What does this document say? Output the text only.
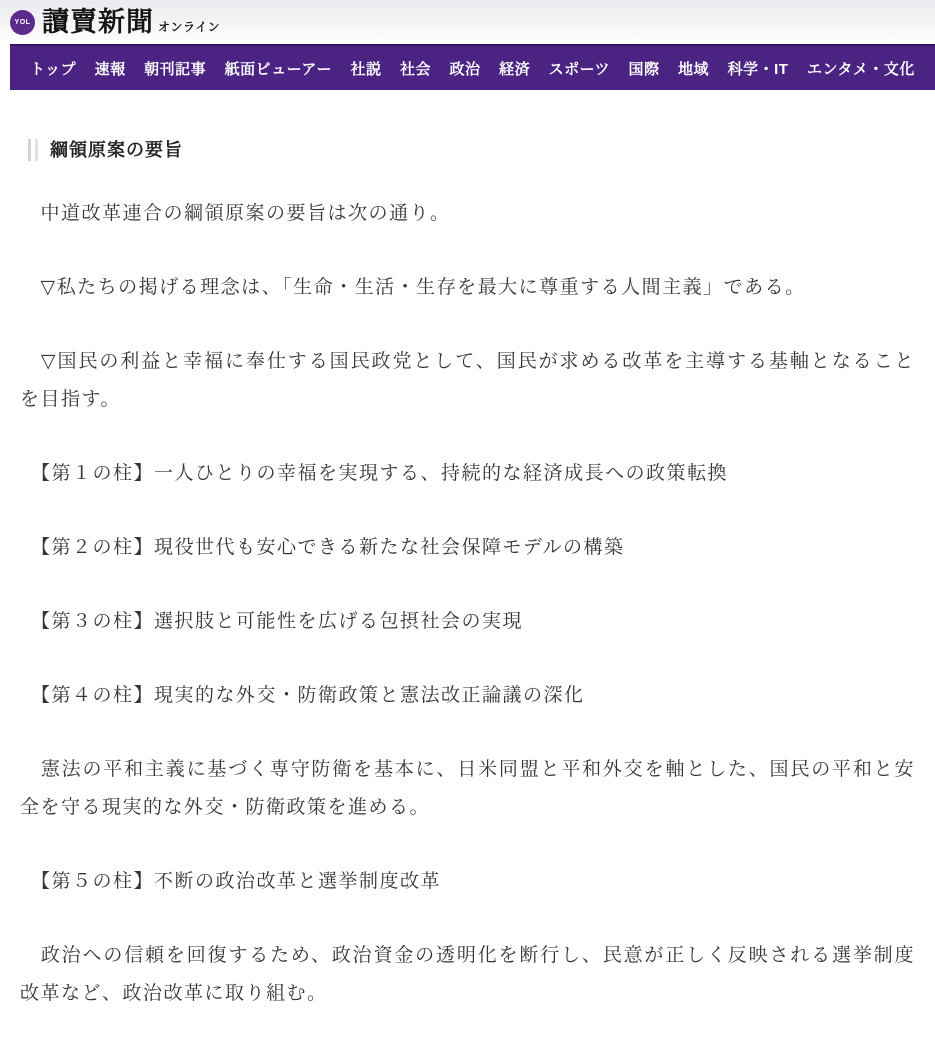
YOL 讀賣新聞 オンライン
トップ 速報 朝刊記事 紙面ビューアー 社説 社会 政治 経済 スポーツ 国際 地域 科学・IT エンタメ・文化
綱領原案の要旨

　中道改革連合の綱領原案の要旨は次の通り。

　▽私たちの掲げる理念は、「生命・生活・生存を最大に尊重する人間主義」である。

　▽国民の利益と幸福に奉仕する国民政党として、国民が求める改革を主導する基軸となることを目指す。

　【第１の柱】一人ひとりの幸福を実現する、持続的な経済成長への政策転換

　【第２の柱】現役世代も安心できる新たな社会保障モデルの構築

　【第３の柱】選択肢と可能性を広げる包摂社会の実現

　【第４の柱】現実的な外交・防衛政策と憲法改正論議の深化

　憲法の平和主義に基づく専守防衛を基本に、日米同盟と平和外交を軸とした、国民の平和と安全を守る現実的な外交・防衛政策を進める。

　【第５の柱】不断の政治改革と選挙制度改革

　政治への信頼を回復するため、政治資金の透明化を断行し、民意が正しく反映される選挙制度改革など、政治改革に取り組む。
